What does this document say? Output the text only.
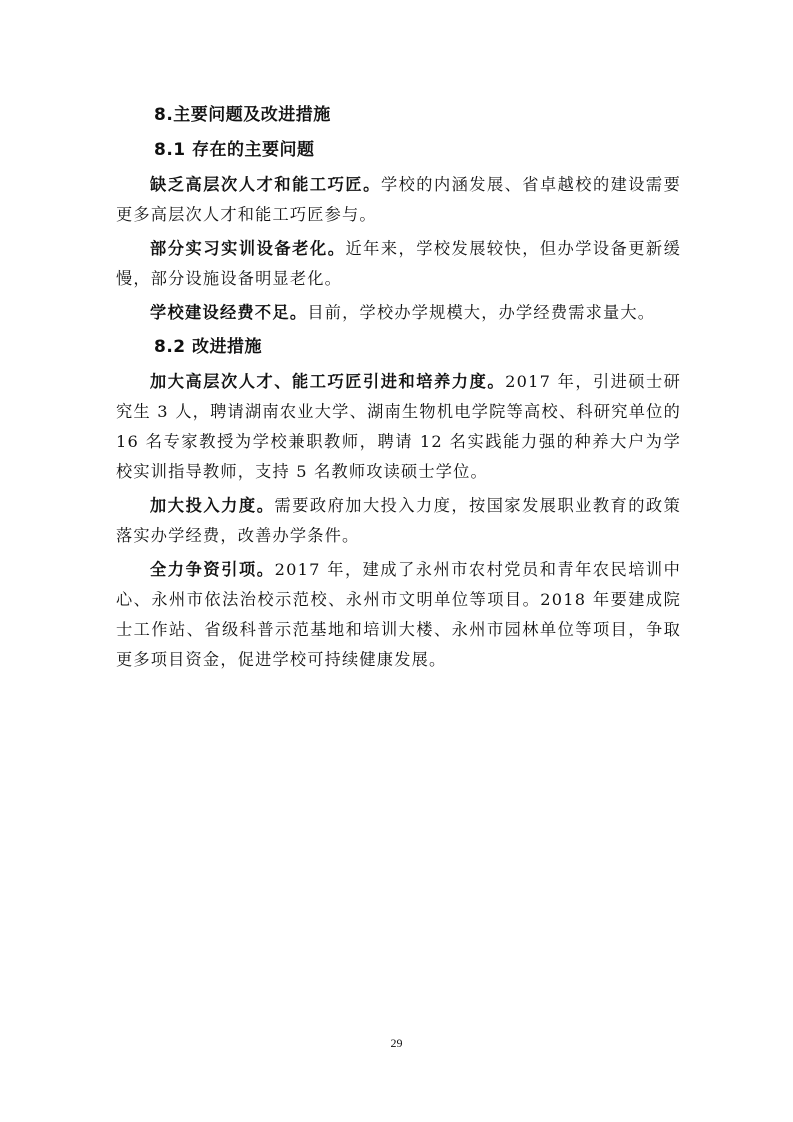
8.主要问题及改进措施
8.1 存在的主要问题

缺乏高层次人才和能工巧匠。学校的内涵发展、省卓越校的建设需要更多高层次人才和能工巧匠参与。

部分实习实训设备老化。近年来，学校发展较快，但办学设备更新缓慢，部分设施设备明显老化。

学校建设经费不足。目前，学校办学规模大，办学经费需求量大。

8.2 改进措施

加大高层次人才、能工巧匠引进和培养力度。2017 年，引进硕士研究生 3 人，聘请湖南农业大学、湖南生物机电学院等高校、科研究单位的 16 名专家教授为学校兼职教师，聘请 12 名实践能力强的种养大户为学校实训指导教师，支持 5 名教师攻读硕士学位。

加大投入力度。需要政府加大投入力度，按国家发展职业教育的政策落实办学经费，改善办学条件。

全力争资引项。2017 年，建成了永州市农村党员和青年农民培训中心、永州市依法治校示范校、永州市文明单位等项目。2018 年要建成院士工作站、省级科普示范基地和培训大楼、永州市园林单位等项目，争取更多项目资金，促进学校可持续健康发展。

29
